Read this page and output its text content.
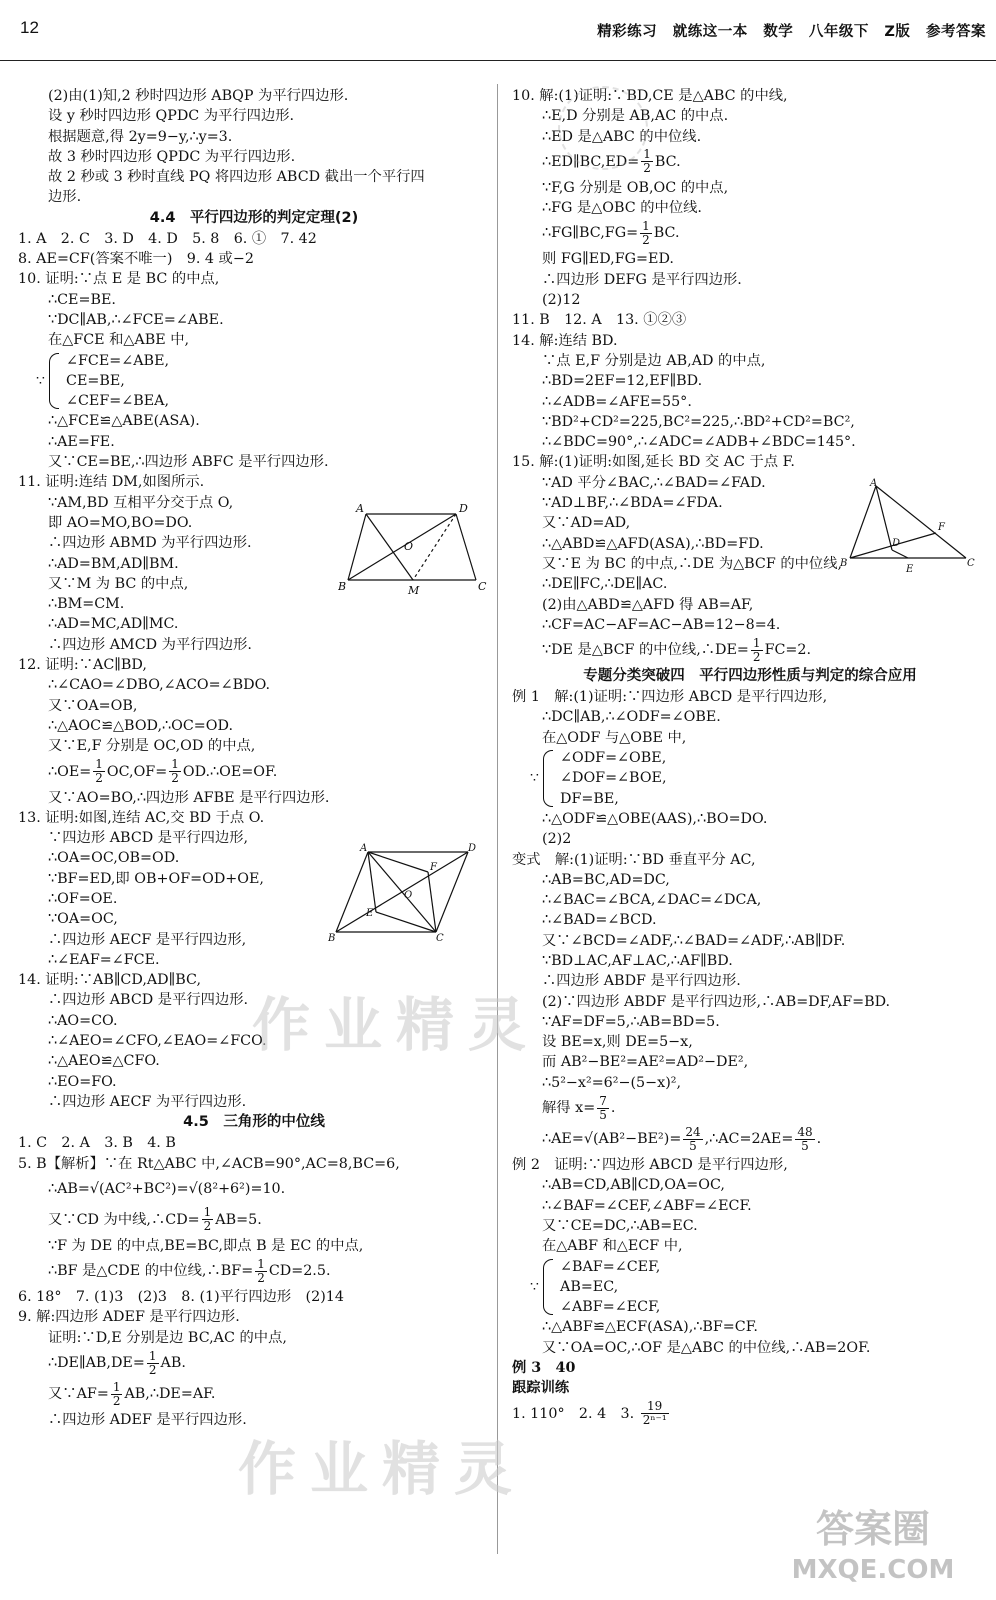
12	精彩练习 就练这一本 数学 八年级下 Z版 参考答案
(2)由(1)知,2 秒时四边形 ABQP 为平行四边形.
设 y 秒时四边形 QPDC 为平行四边形.
根据题意,得 2y=9−y,∴y=3.
故 3 秒时四边形 QPDC 为平行四边形.
故 2 秒或 3 秒时直线 PQ 将四边形 ABCD 截出一个平行四
边形.
4.4　平行四边形的判定定理(2)
1. A　2. C　3. D　4. D　5. 8　6. ①　7. 42
8. AE=CF(答案不唯一)　9. 4 或−2
10. 证明:∵点 E 是 BC 的中点,
∴CE=BE.
∵DC∥AB,∴∠FCE=∠ABE.
在△FCE 和△ABE 中,
∵
∠FCE=∠ABE,
CE=BE,
∠CEF=∠BEA,
∴△FCE≌△ABE(ASA).
∴AE=FE.
又∵CE=BE,∴四边形 ABFC 是平行四边形.
11. 证明:连结 DM,如图所示.
∵AM,BD 互相平分交于点 O,
即 AO=MO,BO=DO.
∴四边形 ABMD 为平行四边形.
∴AD=BM,AD∥BM.
又∵M 为 BC 的中点,
∴BM=CM.
∴AD=MC,AD∥MC.
∴四边形 AMCD 为平行四边形.
12. 证明:∵AC∥BD,
∴∠CAO=∠DBO,∠ACO=∠BDO.
又∵OA=OB,
∴△AOC≌△BOD,∴OC=OD.
又∵E,F 分别是 OC,OD 的中点,
∴OE= $\frac{1}{2} OC,OF= \frac{1}{2}$ OD.∴OE=OF.
又∵AO=BO,∴四边形 AFBE 是平行四边形.
13. 证明:如图,连结 AC,交 BD 于点 O.
∵四边形 ABCD 是平行四边形,
∴OA=OC,OB=OD.
∵BF=ED,即 OB+OF=OD+OE,
∴OF=OE.
∵OA=OC,
∴四边形 AECF 是平行四边形,
∴∠EAF=∠FCE.
14. 证明:∵AB∥CD,AD∥BC,
∴四边形 ABCD 是平行四边形.
∴AO=CO.
∴∠AEO=∠CFO,∠EAO=∠FCO.
∴△AEO≌△CFO.
∴EO=FO.
∴四边形 AECF 为平行四边形.
4.5　三角形的中位线
1. C　2. A　3. B　4. B
5. B【解析】∵在 Rt△ABC 中,∠ACB=90°,AC=8,BC=6,
∴AB=√(AC²+BC²)=√(8²+6²)=10.
又∵CD 为中线,∴CD= $\frac{1}{2} AB=5$.
∵F 为 DE 的中点,BE=BC,即点 B 是 EC 的中点,
∴BF 是△CDE 的中位线,∴BF= $\frac{1}{2} CD=2.5$.
6. 18°　7. (1)3　(2)3　8. (1)平行四边形　(2)14
9. 解:四边形 ADEF 是平行四边形.
证明:∵D,E 分别是边 BC,AC 的中点,
∴DE∥AB,DE= $\frac{1}{2}$ AB.
又∵AF= $\frac{1}{2}$ AB,∴DE=AF.
∴四边形 ADEF 是平行四边形.
A	D
B	C
M
O
A	D
B	C
F
E
O
10. 解:(1)证明:∵BD,CE 是△ABC 的中线,
∴E,D 分别是 AB,AC 的中点.
∴ED 是△ABC 的中位线.
∴ED∥BC,ED= $\frac{1}{2}$ BC.
∵F,G 分别是 OB,OC 的中点,
∴FG 是△OBC 的中位线.
∴FG∥BC,FG= $\frac{1}{2}$ BC.
则 FG∥ED,FG=ED.
∴四边形 DEFG 是平行四边形.
(2)12
11. B　12. A　13. ①②③
14. 解:连结 BD.
∵点 E,F 分别是边 AB,AD 的中点,
∴BD=2EF=12,EF∥BD.
∴∠ADB=∠AFE=55°.
∵BD²+CD²=225,BC²=225,∴BD²+CD²=BC²,
∴∠BDC=90°,∴∠ADC=∠ADB+∠BDC=145°.
15. 解:(1)证明:如图,延长 BD 交 AC 于点 F.
∵AD 平分∠BAC,∴∠BAD=∠FAD.
∵AD⊥BF,∴∠BDA=∠FDA.
又∵AD=AD,
∴△ABD≌△AFD(ASA),∴BD=FD.
又∵E 为 BC 的中点,∴DE 为△BCF 的中位线,
∴DE∥FC,∴DE∥AC.
(2)由△ABD≌△AFD 得 AB=AF,
∴CF=AC−AF=AC−AB=12−8=4.
∵DE 是△BCF 的中位线,∴DE= $\frac{1}{2} FC=2$.
专题分类突破四　平行四边形性质与判定的综合应用
例 1　解:(1)证明:∵四边形 ABCD 是平行四边形,
∴DC∥AB,∴∠ODF=∠OBE.
在△ODF 与△OBE 中,
∵
∠ODF=∠OBE,
∠DOF=∠BOE,
DF=BE,
∴△ODF≌△OBE(AAS),∴BO=DO.
(2)2
变式　解:(1)证明:∵BD 垂直平分 AC,
∴AB=BC,AD=DC,
∴∠BAC=∠BCA,∠DAC=∠DCA,
∴∠BAD=∠BCD.
又∵∠BCD=∠ADF,∴∠BAD=∠ADF,∴AB∥DF.
∵BD⊥AC,AF⊥AC,∴AF∥BD.
∴四边形 ABDF 是平行四边形.
(2)∵四边形 ABDF 是平行四边形,∴AB=DF,AF=BD.
∵AF=DF=5,∴AB=BD=5.
设 BE=x,则 DE=5−x,
而 AB²−BE²=AE²=AD²−DE²,
∴5²−x²=6²−(5−x)²,
解得 $x= \frac{7}{5}$ .
∴AE=√(AB²−BE²)= $\frac{24}{5}$ ,∴AC=2AE= $\frac{48}{5}$ .
例 2　证明:∵四边形 ABCD 是平行四边形,
∴AB=CD,AB∥CD,OA=OC,
∴∠BAF=∠CEF,∠ABF=∠ECF.
又∵CE=DC,∴AB=EC.
在△ABF 和△ECF 中,
∵
∠BAF=∠CEF,
AB=EC,
∠ABF=∠ECF,
∴△ABF≌△ECF(ASA),∴BF=CF.
又∵OA=OC,∴OF 是△ABC 的中位线,∴AB=2OF.
例 3　40
跟踪训练
1. 110°　2. 4　3. $\frac{19}{\text{2ⁿ⁻¹}}$
A
B	C
D
F
E
作业精灵
作业精灵
答案圈
MXQE.COM
